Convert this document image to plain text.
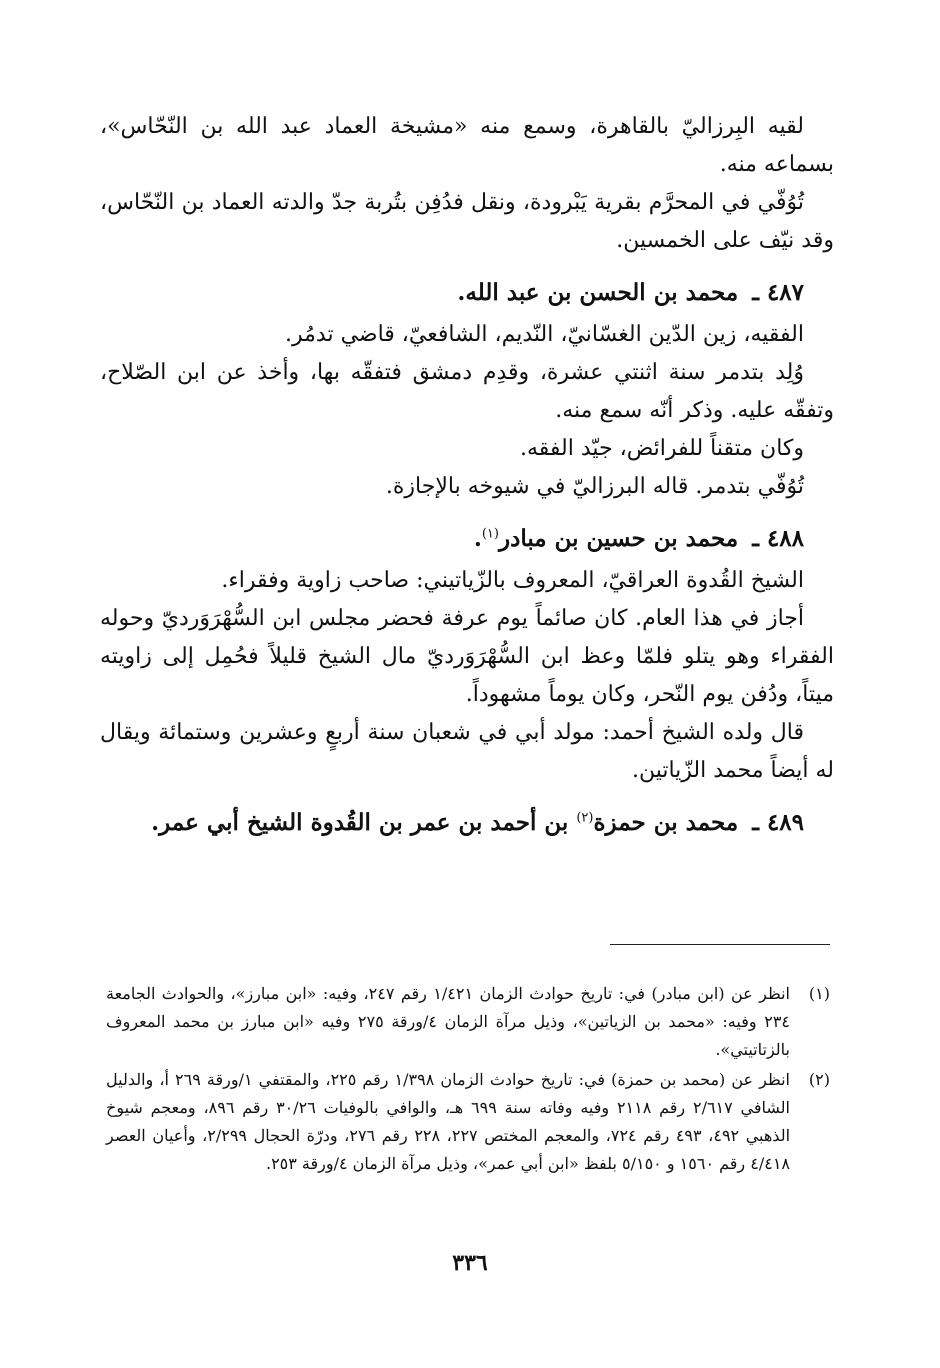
لقيه البِرزاليّ بالقاهرة، وسمع منه «مشيخة العماد عبد الله بن النّحّاس»، بسماعه منه.

تُوُفّي في المحرَّم بقرية يَبْرودة، ونقل فدُفِن بتُربة جدّ والدته العماد بن النّحّاس، وقد نيّف على الخمسين.

٤٨٧ ـ محمد بن الحسن بن عبد الله.

الفقيه، زين الدّين الغسّانيّ، النّديم، الشافعيّ، قاضي تدمُر.

وُلِد بتدمر سنة اثنتي عشرة، وقدِم دمشق فتفقّه بها، وأخذ عن ابن الصّلاح، وتفقّه عليه. وذكر أنّه سمع منه.

وكان متقناً للفرائض، جيّد الفقه.

تُوُفّي بتدمر. قاله البرزاليّ في شيوخه بالإجازة.

٤٨٨ ـ محمد بن حسين بن مبادر$^{(١)}$.

الشيخ القُدوة العراقيّ، المعروف بالزّياتيني: صاحب زاوية وفقراء.

أجاز في هذا العام. كان صائماً يوم عرفة فحضر مجلس ابن السُّهْرَوَرديّ وحوله الفقراء وهو يتلو فلمّا وعظ ابن السُّهْرَوَرديّ مال الشيخ قليلاً فحُمِل إلى زاويته ميتاً، ودُفن يوم النّحر، وكان يوماً مشهوداً.

قال ولده الشيخ أحمد: مولد أبي في شعبان سنة أربعٍ وعشرين وستمائة ويقال له أيضاً محمد الزّياتين.

٤٨٩ ـ محمد بن حمزة$^{(٢)}$ بن أحمد بن عمر بن القُدوة الشيخ أبي عمر.
(١)
انظر عن (ابن مبادر) في: تاريخ حوادث الزمان ١/٤٢١ رقم ٢٤٧، وفيه: «ابن مبارز»، والحوادث الجامعة ٢٣٤ وفيه: «محمد بن الزياتين»، وذيل مرآة الزمان ٤/ورقة ٢٧٥ وفيه «ابن مبارز بن محمد المعروف بالزتاتيتي».
(٢)
انظر عن (محمد بن حمزة) في: تاريخ حوادث الزمان ١/٣٩٨ رقم ٢٢٥، والمقتفي ١/ورقة ٢٦٩ أ، والدليل الشافي ٢/٦١٧ رقم ٢١١٨ وفيه وفاته سنة ٦٩٩ هـ، والوافي بالوفيات ٣٠/٢٦ رقم ٨٩٦، ومعجم شيوخ الذهبي ٤٩٢، ٤٩٣ رقم ٧٢٤، والمعجم المختص ٢٢٧، ٢٢٨ رقم ٢٧٦، ودرّة الحجال ٢/٢٩٩، وأعيان العصر ٤/٤١٨ رقم ١٥٦٠ و ٥/١٥٠ بلفظ «ابن أبي عمر»، وذيل مرآة الزمان ٤/ورقة ٢٥٣.
٣٣٦
